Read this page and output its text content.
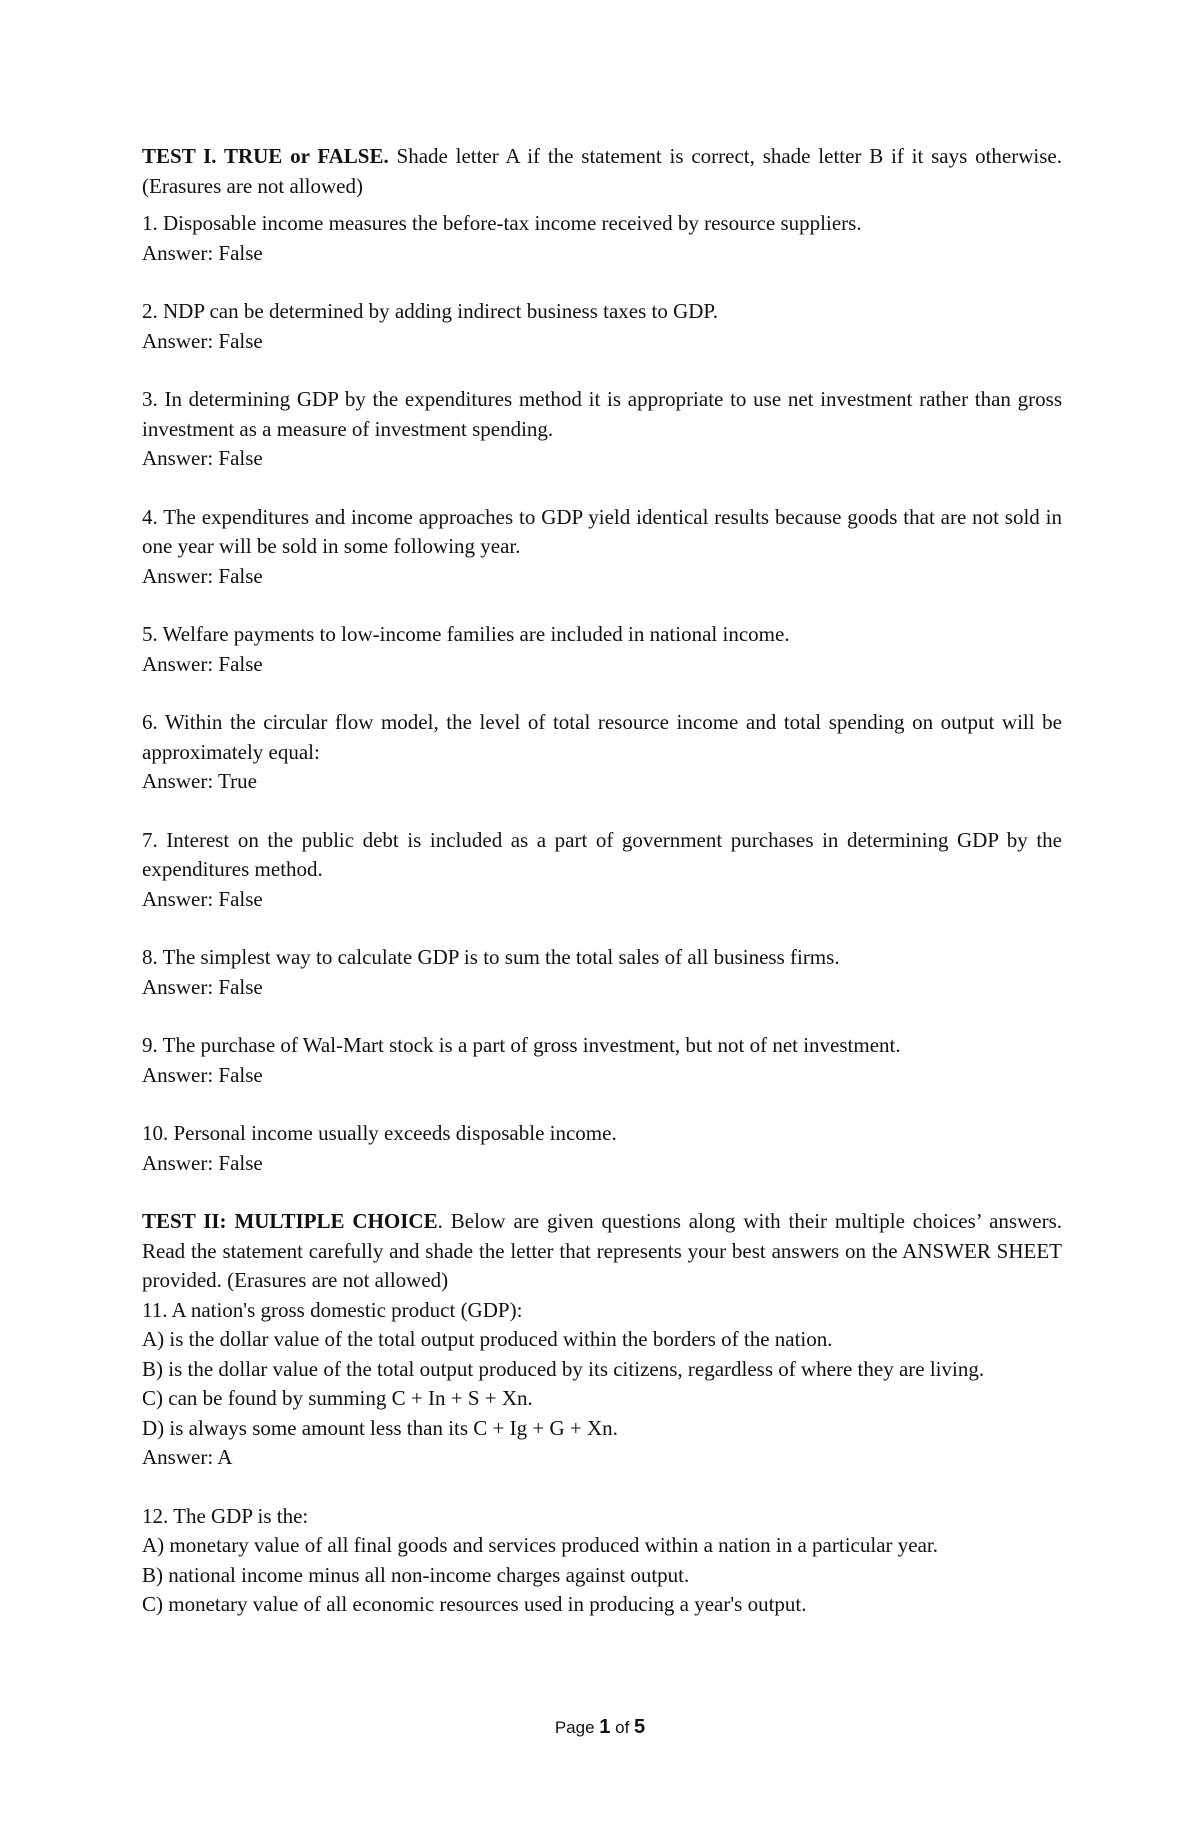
TEST I. TRUE or FALSE. Shade letter A if the statement is correct, shade letter B if it says otherwise. (Erasures are not allowed)

1. Disposable income measures the before-tax income received by resource suppliers.

Answer: False

2. NDP can be determined by adding indirect business taxes to GDP.

Answer: False

3. In determining GDP by the expenditures method it is appropriate to use net investment rather than gross investment as a measure of investment spending.

Answer: False

4. The expenditures and income approaches to GDP yield identical results because goods that are not sold in one year will be sold in some following year.

Answer: False

5. Welfare payments to low-income families are included in national income.

Answer: False

6. Within the circular flow model, the level of total resource income and total spending on output will be approximately equal:

Answer: True

7. Interest on the public debt is included as a part of government purchases in determining GDP by the expenditures method.

Answer: False

8. The simplest way to calculate GDP is to sum the total sales of all business firms.

Answer: False

9. The purchase of Wal-Mart stock is a part of gross investment, but not of net investment.

Answer: False

10. Personal income usually exceeds disposable income.

Answer: False

TEST II: MULTIPLE CHOICE. Below are given questions along with their multiple choices’ answers. Read the statement carefully and shade the letter that represents your best answers on the ANSWER SHEET provided. (Erasures are not allowed)

11. A nation's gross domestic product (GDP):

A) is the dollar value of the total output produced within the borders of the nation.

B) is the dollar value of the total output produced by its citizens, regardless of where they are living.

C) can be found by summing C + In + S + Xn.

D) is always some amount less than its C + Ig + G + Xn.

Answer: A

12. The GDP is the:

A) monetary value of all final goods and services produced within a nation in a particular year.

B) national income minus all non-income charges against output.

C) monetary value of all economic resources used in producing a year's output.

Page 1 of 5
